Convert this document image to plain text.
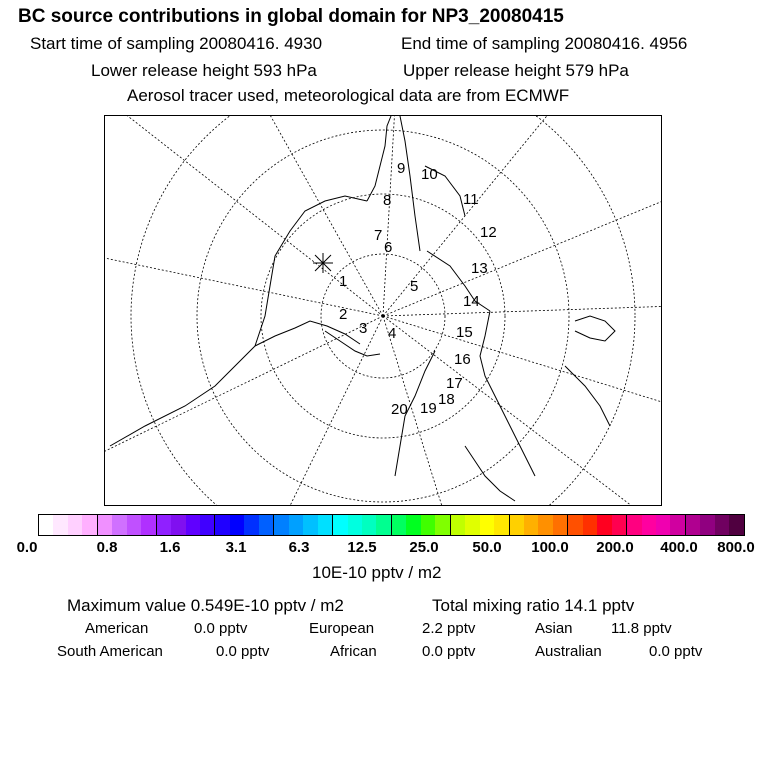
BC source contributions in global domain for NP3_20080415
Start time of sampling 20080416. 4930	End time of sampling 20080416. 4956
Lower release height 593 hPa	Upper release height 579 hPa
Aerosol tracer used, meteorological data are from ECMWF
1
2
3 4
5
6
7
8
9 10
11
12
13
14
15
16
17
18
19
20
0.0	0.8	1.6	3.1	6.3	12.5 25.0 50.0 100.0 200.0 400.0 800.0
10E-10 pptv / m2
Maximum value 0.549E-10 pptv / m2	Total mixing ratio 14.1 pptv
American	0.0 pptv	European	2.2 pptv	Asian	11.8 pptv
South American	0.0 pptv	African	0.0 pptv	Australian	0.0 pptv
